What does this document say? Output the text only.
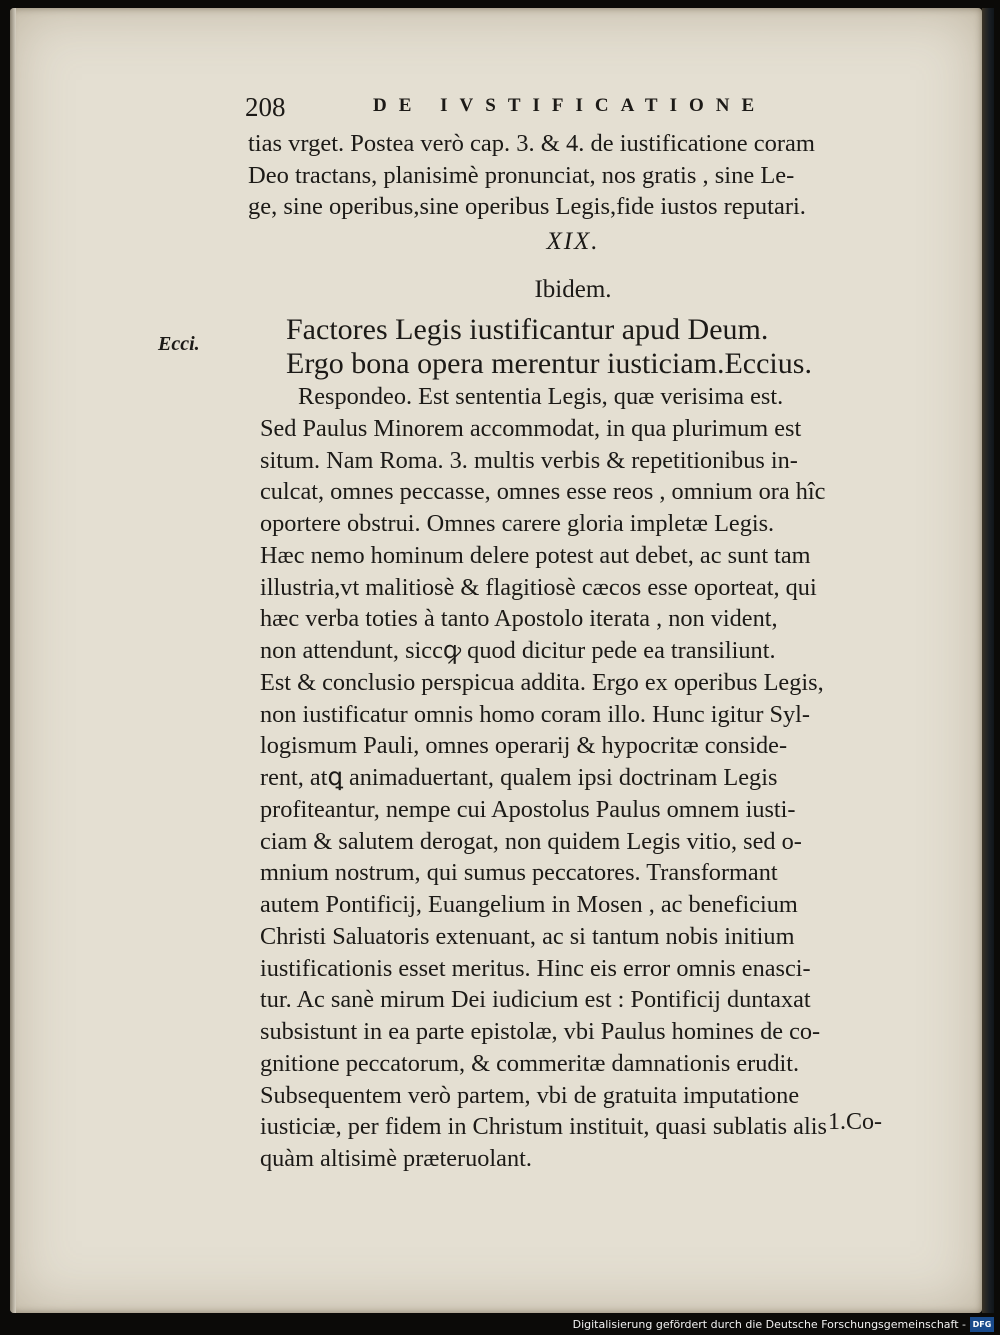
208	DE IVSTIFICATIONE
tias vrget. Postea verò cap. 3. & 4. de iustificatione coram
Deo tractans, planisimè pronunciat, nos gratis , sine Le-
ge, sine operibus,sine operibus Legis,fide iustos reputari.
XIX.
Ibidem.
Ecci.	Factores Legis iustificantur apud Deum.
Ergo bona opera merentur iusticiam.Eccius.
Respondeo. Est sententia Legis, quæ verisima est.
Sed Paulus Minorem accommodat, in qua plurimum est
situm. Nam Roma. 3. multis verbis & repetitionibus in-
culcat, omnes peccasse, omnes esse reos , omnium ora hîc
oportere obstrui. Omnes carere gloria impletæ Legis.
Hæc nemo hominum delere potest aut debet, ac sunt tam
illustria,vt malitiosè & flagitiosè cæcos esse oporteat, qui
hæc verba toties à tanto Apostolo iterata , non vident,
non attendunt, siccꝙ quod dicitur pede ea transiliunt.
Est & conclusio perspicua addita. Ergo ex operibus Legis,
non iustificatur omnis homo coram illo. Hunc igitur Syl-
logismum Pauli, omnes operarij & hypocritæ conside-
rent, atꝗ animaduertant, qualem ipsi doctrinam Legis
profiteantur, nempe cui Apostolus Paulus omnem iusti-
ciam & salutem derogat, non quidem Legis vitio, sed o-
mnium nostrum, qui sumus peccatores. Transformant
autem Pontificij, Euangelium in Mosen , ac beneficium
Christi Saluatoris extenuant, ac si tantum nobis initium
iustificationis esset meritus. Hinc eis error omnis enasci-
tur. Ac sanè mirum Dei iudicium est : Pontificij duntaxat
subsistunt in ea parte epistolæ, vbi Paulus homines de co-
gnitione peccatorum, & commeritæ damnationis erudit.
Subsequentem verò partem, vbi de gratuita imputatione
iusticiæ, per fidem in Christum instituit, quasi sublatis alis
quàm altisimè præteruolant.
1.Co-
Digitalisierung gefördert durch die Deutsche Forschungsgemeinschaft - DFG
